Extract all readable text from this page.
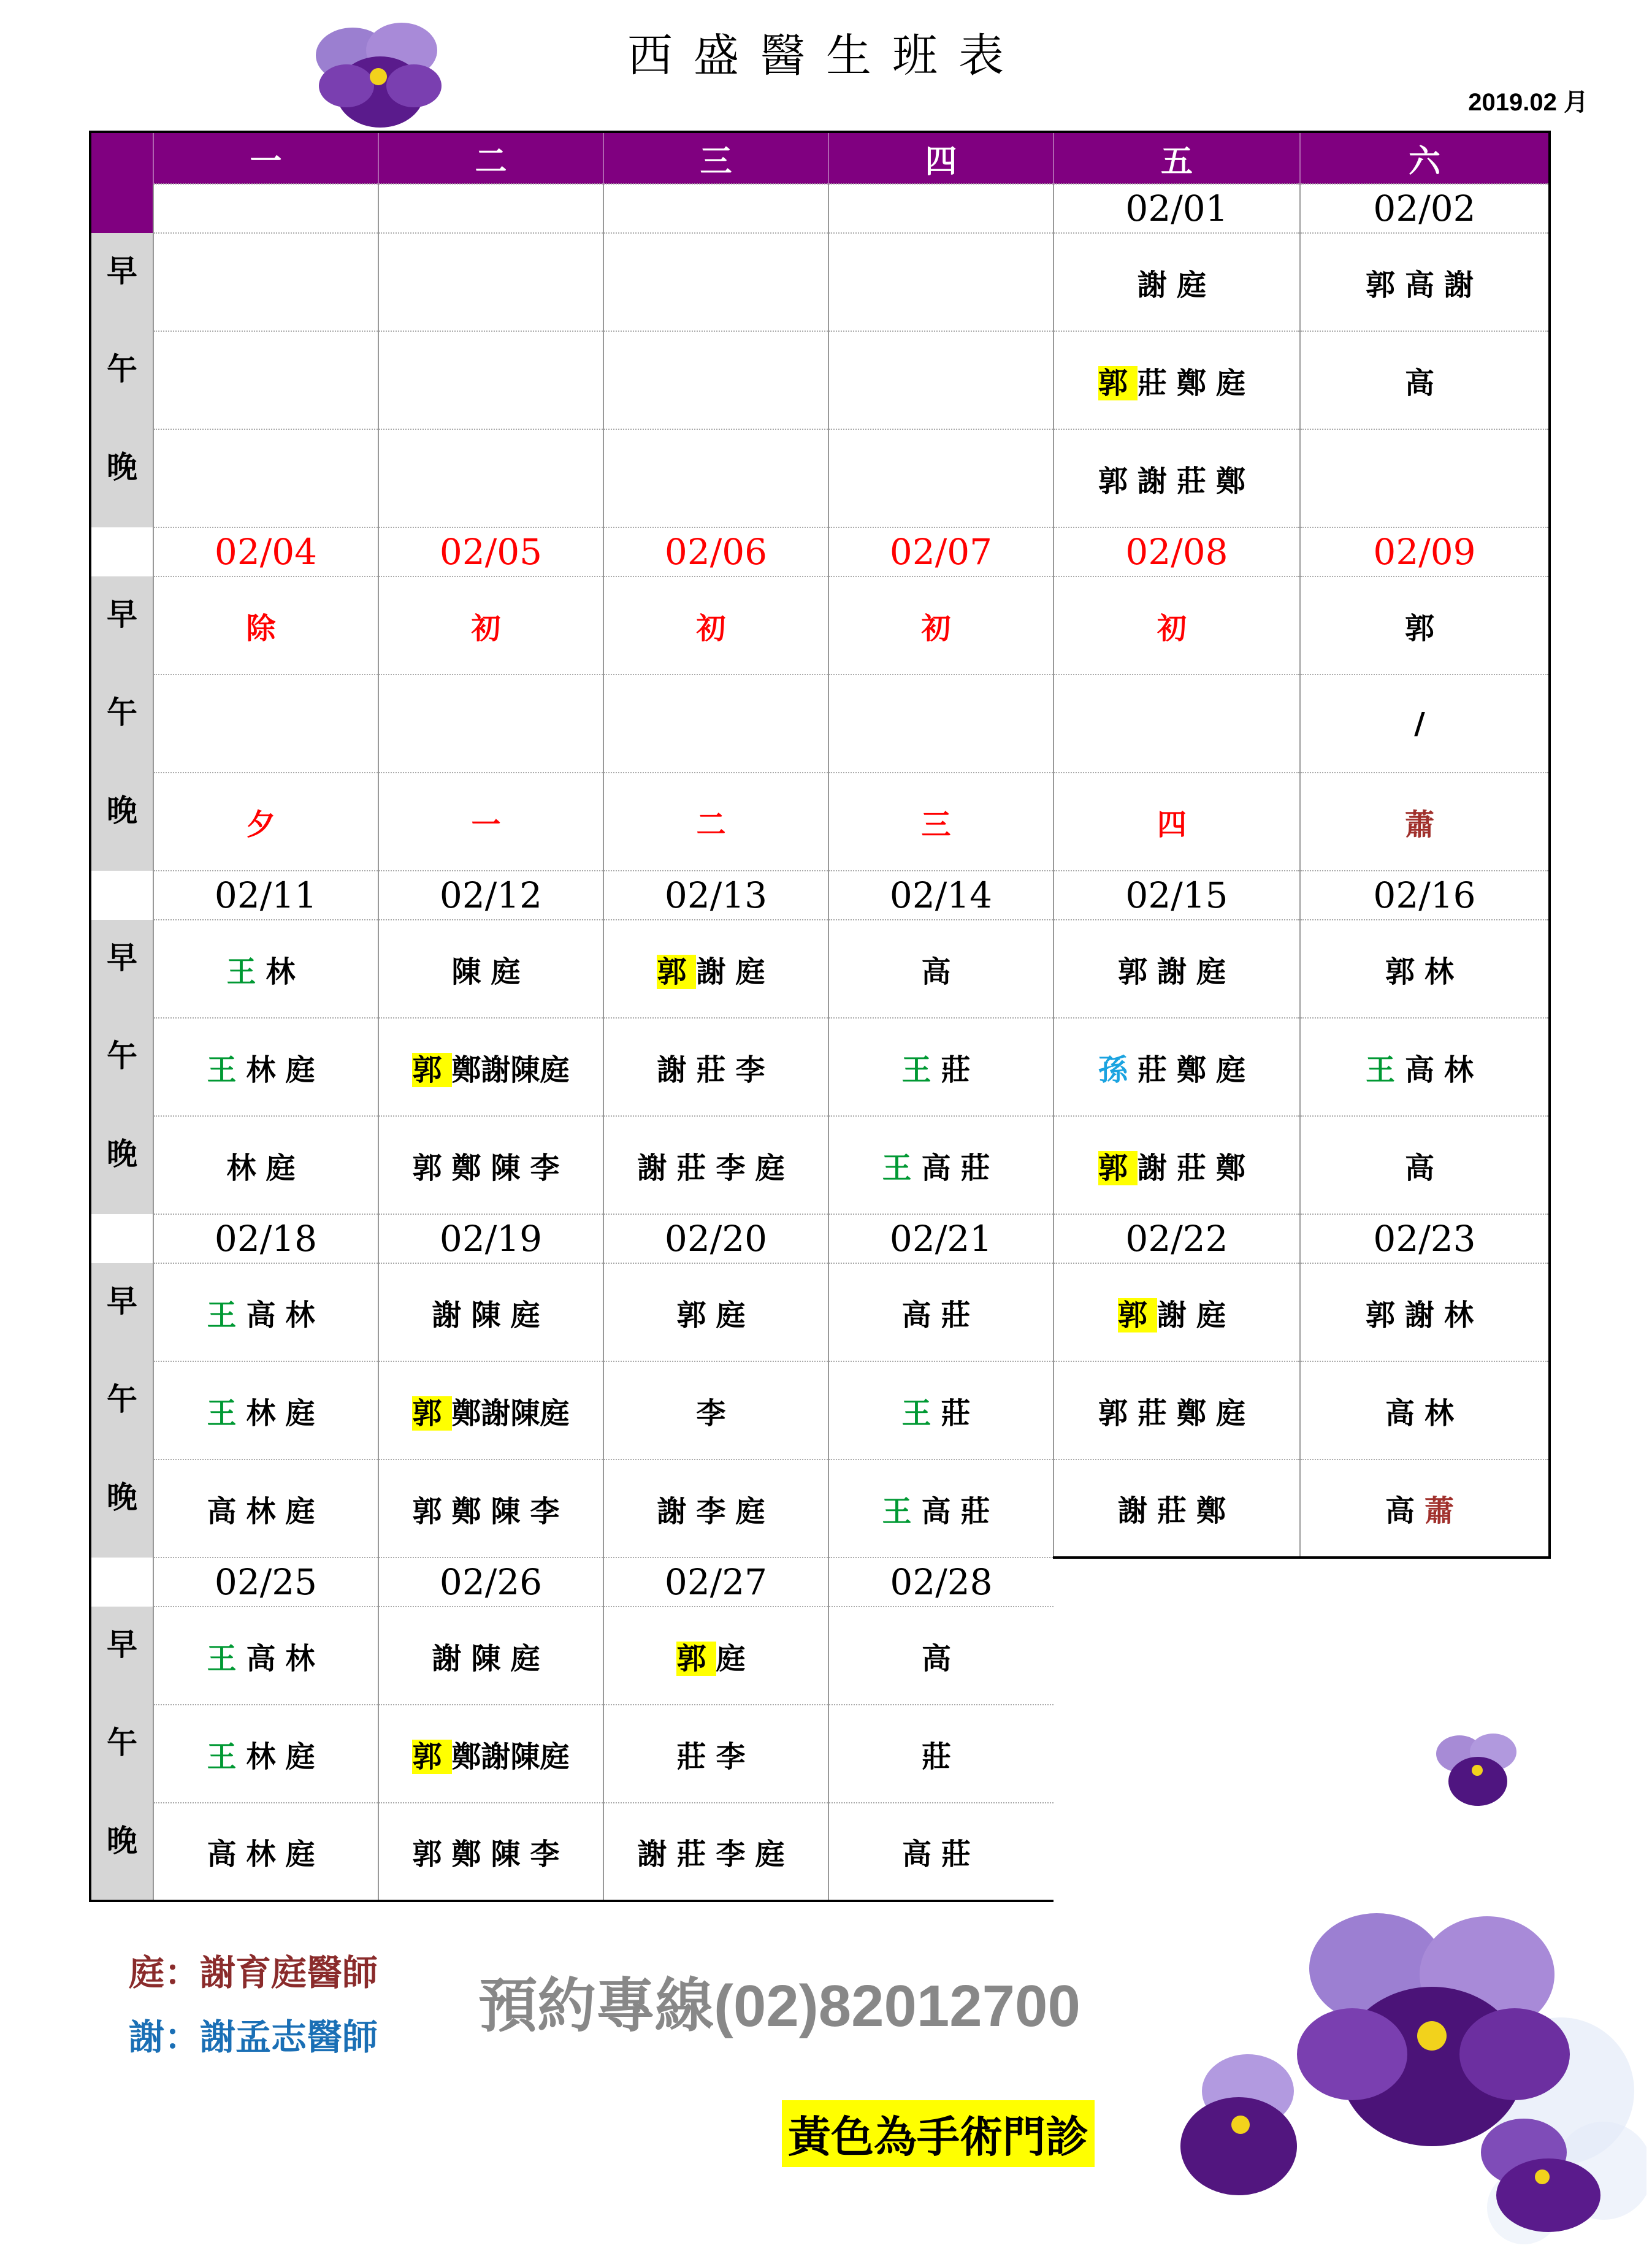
西盛醫生班表
2019.02 月
	一	二	三	四	五	六
					02/01	02/02
早					謝庭	郭高謝
午					郭莊鄭庭	高
晚					郭謝莊鄭	
	02/04	02/05	02/06	02/07	02/08	02/09
早	除	初	初	初	初	郭
午						/
晚	夕	一	二	三	四	蕭
	02/11	02/12	02/13	02/14	02/15	02/16
早	王林	陳庭	郭謝庭	高	郭謝庭	郭林
午	王林庭	郭鄭謝陳庭	謝莊李	王莊	孫莊鄭庭	王高林
晚	林庭	郭鄭陳李	謝莊李庭	王高莊	郭謝莊鄭	高
	02/18	02/19	02/20	02/21	02/22	02/23
早	王高林	謝陳庭	郭庭	高莊	郭謝庭	郭謝林
午	王林庭	郭鄭謝陳庭	李	王莊	郭莊鄭庭	高林
晚	高林庭	郭鄭陳李	謝李庭	王高莊	謝莊鄭	高蕭
	02/25	02/26	02/27	02/28		
早	王高林	謝陳庭	郭庭	高		
午	王林庭	郭鄭謝陳庭	莊李	莊		
晚	高林庭	郭鄭陳李	謝莊李庭	高莊		
庭：謝育庭醫師
謝：謝孟志醫師 預約專線(02)82012700
黃色為手術門診
